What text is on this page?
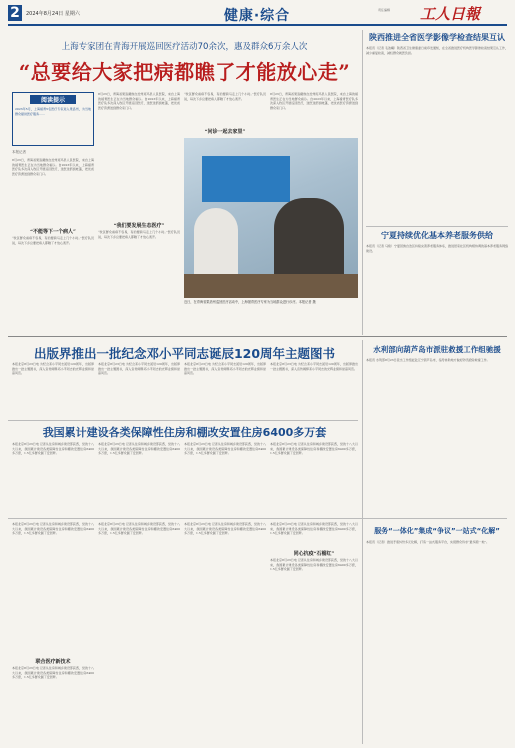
2	2024年8月24日 星期六	健康·综合	责任编辑 工人日報
上海专家团在青海开展巡回医疗活动70余次，惠及群众6万余人次
“总要给大家把病都瞧了才能放心走”
阅读提示
2023年5月，上海援青5名医疗专家进入果洛州，为当地群众提供医疗服务……
本报记者
8月23日，青海省果洛藏族自治州班玛县人民医院，来自上海的援青医生正在为当地群众看诊。自2023年以来，上海援青医疗队多次深入牧区开展巡回医疗，送医送药到帐篷，把优质医疗资源送到群众家门口。
“不能等下一个病人”
“牧区群众看病不容易，有的要骑马走上几个小时。”医疗队员说，每次下乡总要把病人都瞧了才放心离开。
8月23日，青海省果洛藏族自治州班玛县人民医院，来自上海的援青医生正在为当地群众看诊。自2023年以来，上海援青医疗队多次深入牧区开展巡回医疗，送医送药到帐篷，把优质医疗资源送到群众家门口。
“我们要发展生态医疗”
“牧区群众看病不容易，有的要骑马走上几个小时。”医疗队员说，每次下乡总要把病人都瞧了才放心离开。
“牧区群众看病不容易，有的要骑马走上几个小时。”医疗队员说，每次下乡总要把病人都瞧了才放心离开。
“问诊一起去家里”
8月23日，青海省果洛藏族自治州班玛县人民医院，来自上海的援青医生正在为当地群众看诊。自2023年以来，上海援青医疗队多次深入牧区开展巡回医疗，送医送药到帐篷，把优质医疗资源送到群众家门口。
近日，在青海省果洛州巡回医疗活动中，上海援青医疗专家为当地群众进行诊疗。本报记者 摄
陕西推进全省医学影像学检查结果互认
本报讯（记者 毛浓曦）陕西省卫生健康委日前印发通知，在全省推进医疗机构医学影像检查结果互认工作，减少重复检查，减轻群众就医负担。
宁夏持续优化基本养老服务供给
本报讯（记者 马艳）宁夏回族自治区持续完善养老服务体系，推进居家社区机构相协调的基本养老服务网络建设。
出版界推出一批纪念邓小平同志诞辰120周年主题图书
本报北京8月23日电 为纪念邓小平同志诞辰120周年，出版界推出一批主题图书，深入宣传阐释邓小平同志的光辉业绩和崇高风范。
本报北京8月23日电 为纪念邓小平同志诞辰120周年，出版界推出一批主题图书，深入宣传阐释邓小平同志的光辉业绩和崇高风范。
本报北京8月23日电 为纪念邓小平同志诞辰120周年，出版界推出一批主题图书，深入宣传阐释邓小平同志的光辉业绩和崇高风范。
本报北京8月23日电 为纪念邓小平同志诞辰120周年，出版界推出一批主题图书，深入宣传阐释邓小平同志的光辉业绩和崇高风范。
水利部向葫芦岛市派驻救援工作组驰援
本报讯 水利部8月23日派出工作组赶赴辽宁葫芦岛市，指导协助地方做好防汛抢险救援工作。
我国累计建设各类保障性住房和棚改安置住房6400多万套
本报北京8月23日电 记者从住房和城乡建设部获悉，党的十八大以来，我国累计建设各类保障性住房和棚改安置住房6400多万套，1.5亿多群众圆了安居梦。
本报北京8月23日电 记者从住房和城乡建设部获悉，党的十八大以来，我国累计建设各类保障性住房和棚改安置住房6400多万套，1.5亿多群众圆了安居梦。
本报北京8月23日电 记者从住房和城乡建设部获悉，党的十八大以来，我国累计建设各类保障性住房和棚改安置住房6400多万套，1.5亿多群众圆了安居梦。
本报北京8月23日电 记者从住房和城乡建设部获悉，党的十八大以来，我国累计建设各类保障性住房和棚改安置住房6400多万套，1.5亿多群众圆了安居梦。
本报北京8月23日电 记者从住房和城乡建设部获悉，党的十八大以来，我国累计建设各类保障性住房和棚改安置住房6400多万套，1.5亿多群众圆了安居梦。
联合医疗新技术
本报北京8月23日电 记者从住房和城乡建设部获悉，党的十八大以来，我国累计建设各类保障性住房和棚改安置住房6400多万套，1.5亿多群众圆了安居梦。
本报北京8月23日电 记者从住房和城乡建设部获悉，党的十八大以来，我国累计建设各类保障性住房和棚改安置住房6400多万套，1.5亿多群众圆了安居梦。
本报北京8月23日电 记者从住房和城乡建设部获悉，党的十八大以来，我国累计建设各类保障性住房和棚改安置住房6400多万套，1.5亿多群众圆了安居梦。
本报北京8月23日电 记者从住房和城乡建设部获悉，党的十八大以来，我国累计建设各类保障性住房和棚改安置住房6400多万套，1.5亿多群众圆了安居梦。
同心抗疫“石榴红”
本报北京8月23日电 记者从住房和城乡建设部获悉，党的十八大以来，我国累计建设各类保障性住房和棚改安置住房6400多万套，1.5亿多群众圆了安居梦。
服务“一体化”集成“争议”一站式“化解”
本报讯（记者）推进矛盾纠纷多元化解，打造一站式服务平台，实现群众诉求“最多跑一地”。
